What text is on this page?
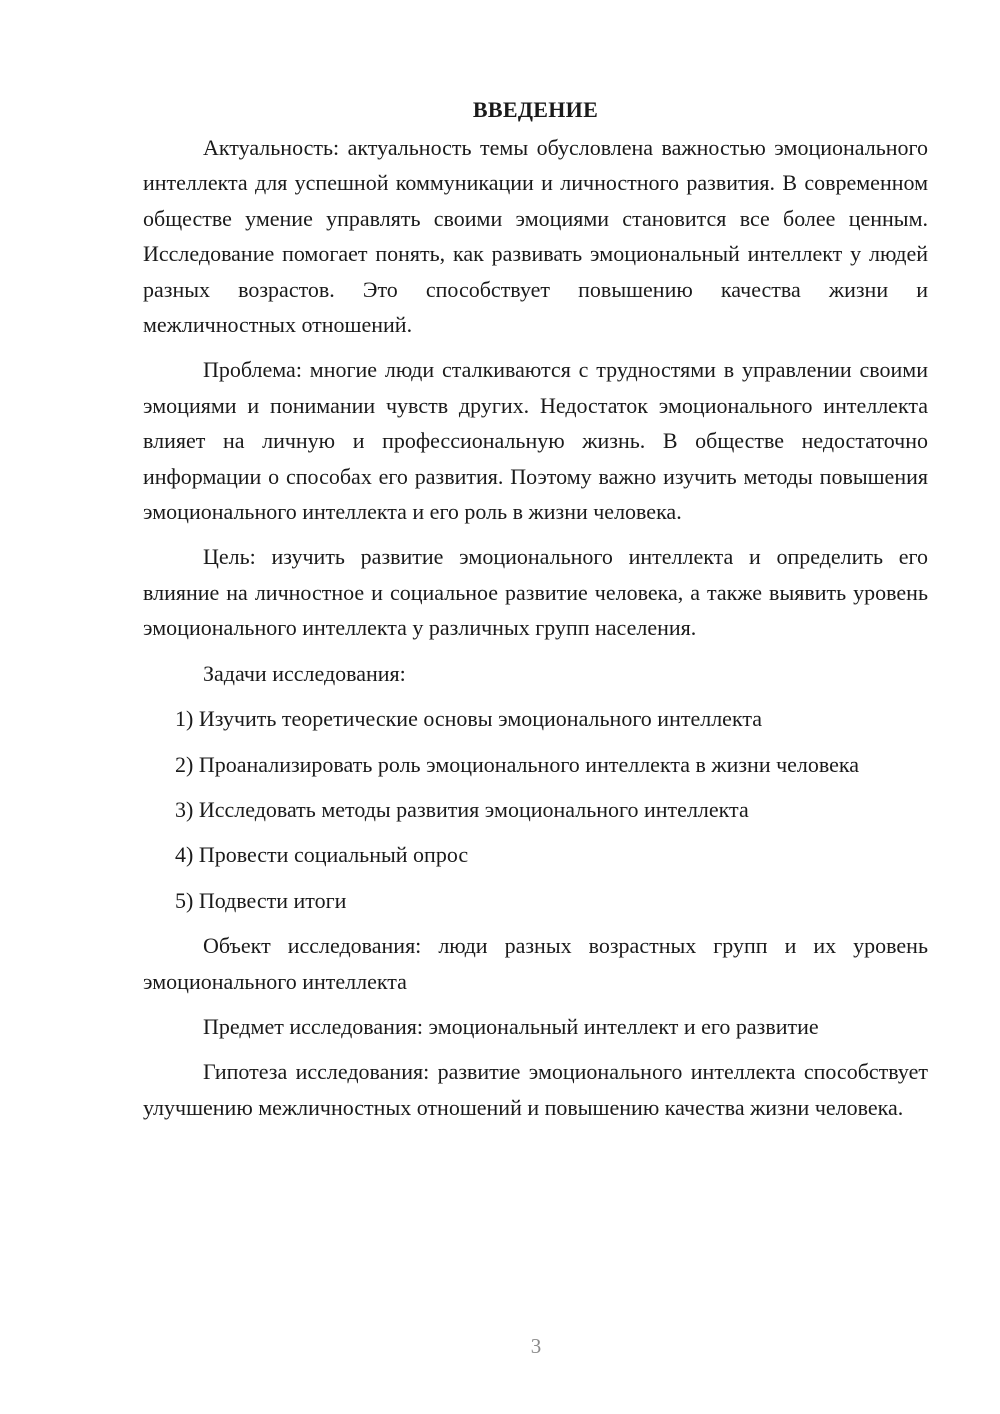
ВВЕДЕНИЕ

Актуальность: актуальность темы обусловлена важностью эмоционального интеллекта для успешной коммуникации и личностного развития. В современном обществе умение управлять своими эмоциями становится все более ценным. Исследование помогает понять, как развивать эмоциональный интеллект у людей разных возрастов. Это способствует повышению качества жизни и межличностных отношений.

Проблема: многие люди сталкиваются с трудностями в управлении своими эмоциями и понимании чувств других. Недостаток эмоционального интеллекта влияет на личную и профессиональную жизнь. В обществе недостаточно информации о способах его развития. Поэтому важно изучить методы повышения эмоционального интеллекта и его роль в жизни человека.

Цель: изучить развитие эмоционального интеллекта и определить его влияние на личностное и социальное развитие человека, а также выявить уровень эмоционального интеллекта у различных групп населения.

Задачи исследования:

1) Изучить теоретические основы эмоционального интеллекта

2) Проанализировать роль эмоционального интеллекта в жизни человека

3) Исследовать методы развития эмоционального интеллекта

4) Провести социальный опрос

5) Подвести итоги

Объект исследования: люди разных возрастных групп и их уровень эмоционального интеллекта

Предмет исследования: эмоциональный интеллект и его развитие

Гипотеза исследования: развитие эмоционального интеллекта способствует улучшению межличностных отношений и повышению качества жизни человека.

3
